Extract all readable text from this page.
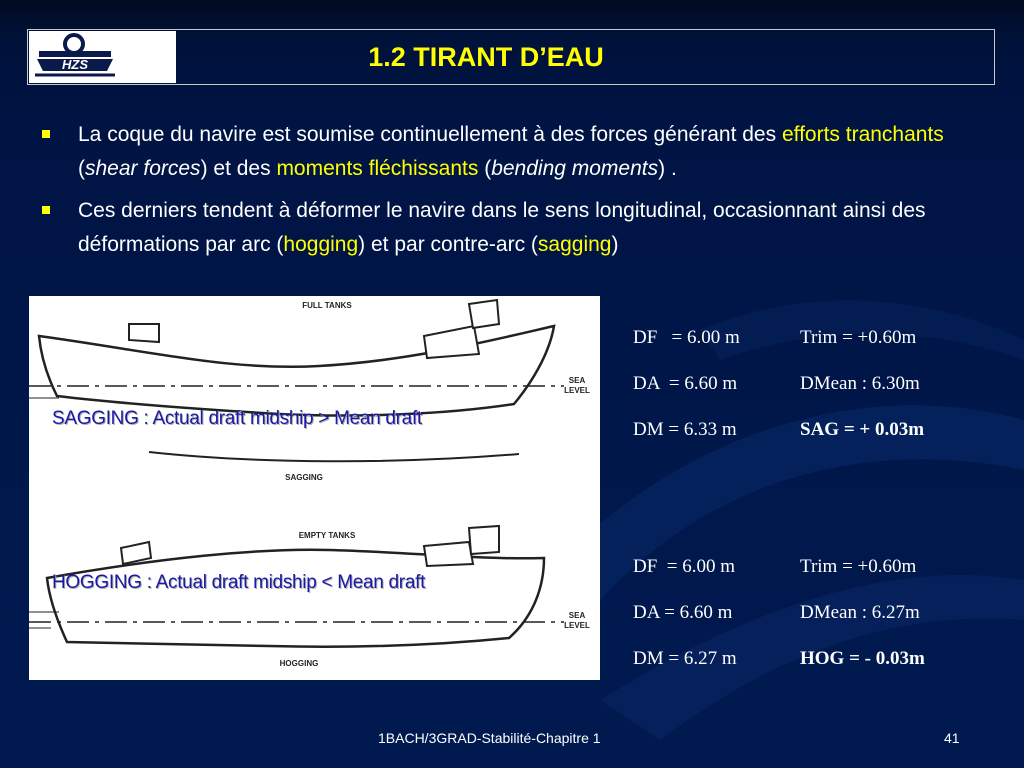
HZS	1.2 TIRANT D’EAU
La coque du navire est soumise continuellement à des forces générant des efforts tranchants (shear forces) et des moments fléchissants (bending moments) .
Ces derniers tendent à déformer le navire dans le sens longitudinal, occasionnant ainsi des déformations par arc (hogging) et par contre-arc (sagging)
FULL TANKS
SEA
LEVEL
SAGGING
EMPTY TANKS
SEA
LEVEL
HOGGING
SAGGING : Actual draft midship > Mean draft
HOGGING : Actual draft midship < Mean draft
DF   = 6.00 m	Trim = +0.60m
DA  = 6.60 m	DMean : 6.30m
DM = 6.33 m	SAG = + 0.03m
DF  = 6.00 m	Trim = +0.60m
DA = 6.60 m	DMean : 6.27m
DM = 6.27 m	HOG = - 0.03m
1BACH/3GRAD-Stabilité-Chapitre 1	41
